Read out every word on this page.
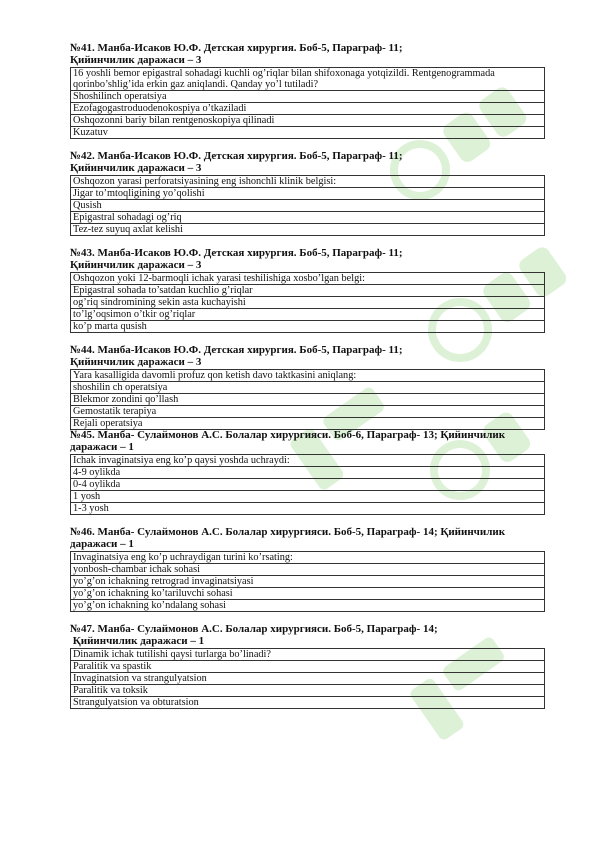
№41. Манба-Исаков Ю.Ф. Детская хирургия. Боб-5, Параграф- 11;
Қийинчилик даражаси – 3
16 yoshli bemor epigastral sohadagi kuchli og’riqlar bilan shifoxonaga yotqizildi. Rentgenogrammada qorinbo’shlig’ida erkin gaz aniqlandi. Qanday yo’l tutiladi?
Shoshilinch operatsiya
Ezofagogastroduodenokospiya o’tkaziladi
Oshqozonni bariy bilan rentgenoskopiya qilinadi
Kuzatuv
№42. Манба-Исаков Ю.Ф. Детская хирургия. Боб-5, Параграф- 11;
Қийинчилик даражаси – 3
Oshqozon yarasi perforatsiyasining eng ishonchli klinik belgisi:
Jigar to’mtoqligining yo’qolishi
Qusish
Epigastral sohadagi og’riq
Tez-tez suyuq axlat kelishi
№43. Манба-Исаков Ю.Ф. Детская хирургия. Боб-5, Параграф- 11;
Қийинчилик даражаси – 3
Oshqozon yoki 12-barmoqli ichak yarasi teshilishiga xosbo’lgan belgi:
Epigastral sohada to’satdan kuchlio g’riqlar
og’riq sindromining sekin asta kuchayishi
to’lg’oqsimon o’tkir og’riqlar
ko’p marta qusish
№44. Манба-Исаков Ю.Ф. Детская хирургия. Боб-5, Параграф- 11;
Қийинчилик даражаси – 3
Yara kasalligida davomli profuz qon ketish davo taktkasini aniqlang:
shoshilin ch operatsiya
Blekmor zondini qo’llash
Gemostatik terapiya
Rejali operatsiya
№45. Манба- Сулаймонов А.С. Болалар хирургияси. Боб-6, Параграф- 13; Қийинчилик
даражаси – 1
Ichak invaginatsiya eng ko’p qaysi yoshda uchraydi:
4-9 oylikda
0-4 oylikda
1 yosh
1-3 yosh
№46. Манба- Сулаймонов А.С. Болалар хирургияси. Боб-5, Параграф- 14; Қийинчилик
даражаси – 1
Invaginatsiya eng ko’p uchraydigan turini ko’rsating:
yonbosh-chambar ichak sohasi
yo’g’on ichakning retrograd invaginatsiyasi
yo’g’on ichakning ko’tariluvchi sohasi
yo’g’on ichakning ko’ndalang sohasi
№47. Манба- Сулаймонов А.С. Болалар хирургияси. Боб-5, Параграф- 14;
Қийинчилик даражаси – 1
Dinamik ichak tutilishi qaysi turlarga bo’linadi?
Paralitik va spastik
Invaginatsion va strangulyatsion
Paralitik va toksik
Strangulyatsion va obturatsion
